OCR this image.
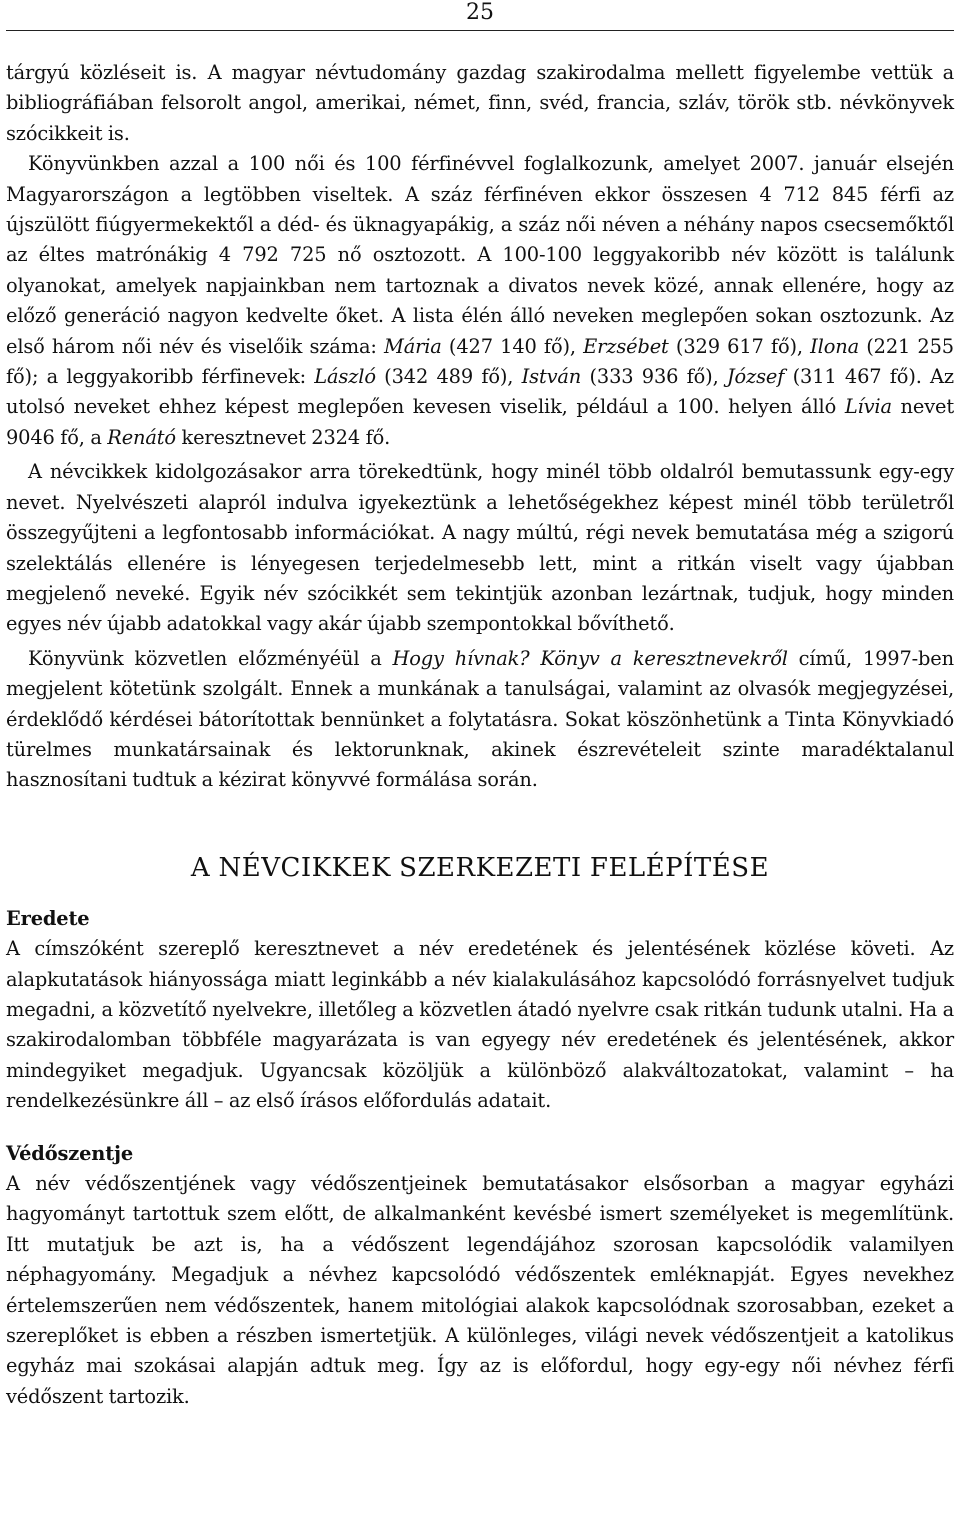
25

tárgyú közléseit is. A magyar névtudomány gazdag szakirodalma mellett figyelembe vettük a bibliográfiában felsorolt angol, amerikai, német, finn, svéd, francia, szláv, török stb. névkönyvek szócikkeit is.

Könyvünkben azzal a 100 női és 100 férfinévvel foglalkozunk, amelyet 2007. január elsején Magyarországon a legtöbben viseltek. A száz férfinéven ekkor összesen 4 712 845 férfi az újszülött fiúgyermekektől a déd- és üknagyapákig, a száz női néven a néhány napos csecsemőktől az éltes matrónákig 4 792 725 nő osztozott. A 100-100 leggyakoribb név között is találunk olyanokat, amelyek napjainkban nem tartoznak a divatos nevek közé, annak ellenére, hogy az előző generáció nagyon kedvelte őket. A lista élén álló neveken meglepően sokan osztozunk. Az első három női név és viselőik száma: Mária (427 140 fő), Erzsébet (329 617 fő), Ilona (221 255 fő); a leggyakoribb férfinevek: László (342 489 fő), István (333 936 fő), József (311 467 fő). Az utolsó neveket ehhez képest meglepően kevesen viselik, például a 100. helyen álló Lívia nevet 9046 fő, a Renátó keresztnevet 2324 fő.

A névcikkek kidolgozásakor arra törekedtünk, hogy minél több oldalról bemutassunk egy-egy nevet. Nyelvészeti alapról indulva igyekeztünk a lehetőségekhez képest minél több területről összegyűjteni a legfontosabb információkat. A nagy múltú, régi nevek bemutatása még a szigorú szelektálás ellenére is lényegesen terjedelmesebb lett, mint a ritkán viselt vagy újabban megjelenő neveké. Egyik név szócikkét sem tekintjük azonban lezártnak, tudjuk, hogy minden egyes név újabb adatokkal vagy akár újabb szempontokkal bővíthető.

Könyvünk közvetlen előzményéül a Hogy hívnak? Könyv a keresztnevekről című, 1997-ben megjelent kötetünk szolgált. Ennek a munkának a tanulságai, valamint az olvasók megjegyzései, érdeklődő kérdései bátorítottak bennünket a folytatásra. Sokat köszönhetünk a Tinta Könyvkiadó türelmes munkatársainak és lektorunknak, akinek észrevételeit szinte maradéktalanul hasznosítani tudtuk a kézirat könyvvé formálása során.

A NÉVCIKKEK SZERKEZETI FELÉPÍTÉSE

Eredete

A címszóként szereplő keresztnevet a név eredetének és jelentésének közlése követi. Az alapkutatások hiányossága miatt leginkább a név kialakulásához kapcsolódó forrásnyelvet tudjuk megadni, a közvetítő nyelvekre, illetőleg a közvetlen átadó nyelvre csak ritkán tudunk utalni. Ha a szakirodalomban többféle magyarázata is van egyegy név eredetének és jelentésének, akkor mindegyiket megadjuk. Ugyancsak közöljük a különböző alakváltozatokat, valamint – ha rendelkezésünkre áll – az első írásos előfordulás adatait.

Védőszentje

A név védőszentjének vagy védőszentjeinek bemutatásakor elsősorban a magyar egyházi hagyományt tartottuk szem előtt, de alkalmanként kevésbé ismert személyeket is megemlítünk. Itt mutatjuk be azt is, ha a védőszent legendájához szorosan kapcsolódik valamilyen néphagyomány. Megadjuk a névhez kapcsolódó védőszentek emléknapját. Egyes nevekhez értelemszerűen nem védőszentek, hanem mitológiai alakok kapcsolódnak szorosabban, ezeket a szereplőket is ebben a részben ismertetjük. A különleges, világi nevek védőszentjeit a katolikus egyház mai szokásai alapján adtuk meg. Így az is előfordul, hogy egy-egy női névhez férfi védőszent tartozik.
